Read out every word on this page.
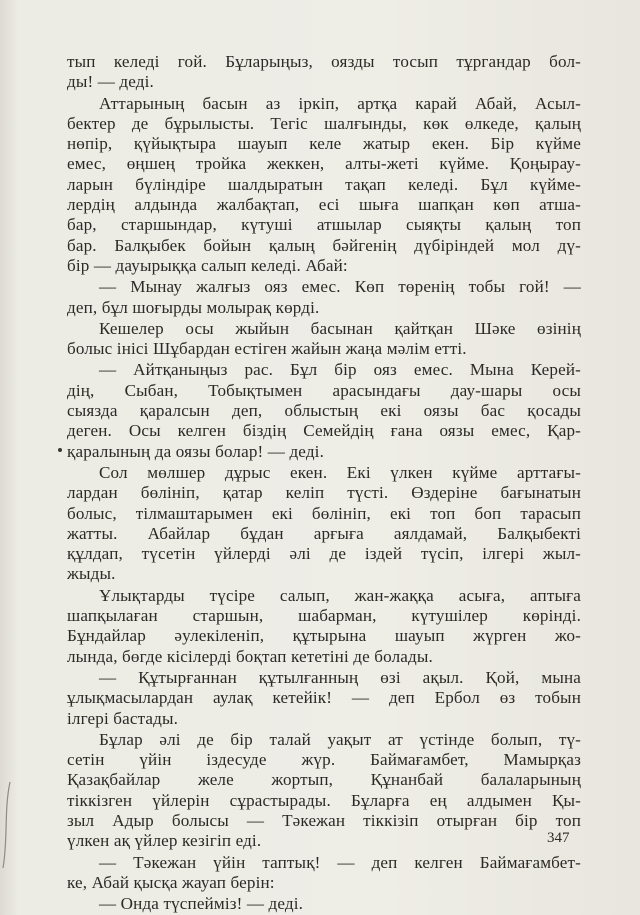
тып келеді гой. Бұларыңыз, оязды тосып тұргандар бол-
ды! — деді.
Аттарының басын аз іркіп, артқа карай Абай, Асыл-
бектер де бұрылысты. Тегіс шалғынды, көк өлкеде, қалың
нөпір, қүйықтыра шауып келе жатыр екен. Бір күйме
емес, өңшең тройка жеккен, алты-жеті күйме. Қоңырау-
ларын бүліндіре шалдыратын тақап келеді. Бұл күйме-
лердің алдында жалбақтап, есі шыға шапқан көп атша-
бар, старшындар, күтуші атшылар сыяқты қалың топ
бар. Балқыбек бойын қалың бәйгенің дүбіріндей мол дү-
бір — дауырыққа салып келеді. Абай:
— Мынау жалғыз ояз емес. Көп төренің тобы гой! —
деп, бұл шоғырды молырақ көрді.
Кешелер осы жыйын басынан қайтқан Шәке өзінің
болыс інісі Шұбардан естіген жайын жаңа мәлім етті.
— Айтқаныңыз рас. Бұл бір ояз емес. Мына Керей-
дің, Сыбан, Тобықтымен арасындағы дау-шары осы
сыязда қаралсын деп, облыстың екі оязы бас қосады
деген. Осы келген біздің Семейдің ғана оязы емес, Қар-
қаралының да оязы болар! — деді.
Сол мөлшер дұрыс екен. Екі үлкен күйме арттағы-
лардан бөлініп, қатар келіп түсті. Өздеріне бағынатын
болыс, тілмаштарымен екі бөлініп, екі топ боп тарасып
жатты. Абайлар бұдан арғыға аялдамай, Балқыбекті
құлдап, түсетін үйлерді әлі де іздей түсіп, ілгері жыл-
жыды.
Ұлықтарды түсіре салып, жан-жаққа асыға, аптыға
шапқылаған старшын, шабарман, күтушілер көрінді.
Бұндайлар әулекіленіп, құтырына шауып жүрген жо-
лында, бөгде кісілерді боқтап кететіні де болады.
— Құтырғаннан құтылғанның өзі ақыл. Қой, мына
ұлықмасылардан аулақ кетейік! — деп Ербол өз тобын
ілгері бастады.
Бұлар әлі де бір талай уақыт ат үстінде болып, тү-
сетін үйін іздесуде жүр. Баймағамбет, Мамырқаз
Қазақбайлар желе жортып, Құнанбай балаларының
тіккізген үйлерін сұрастырады. Бұларға ең алдымен Қы-
зыл Адыр болысы — Тәкежан тіккізіп отырған бір топ
үлкен ақ үйлер кезігіп еді.
— Тәкежан үйін таптық! — деп келген Баймағамбет-
ке, Абай қысқа жауап берін:
— Онда түспейміз! — деді.
347
